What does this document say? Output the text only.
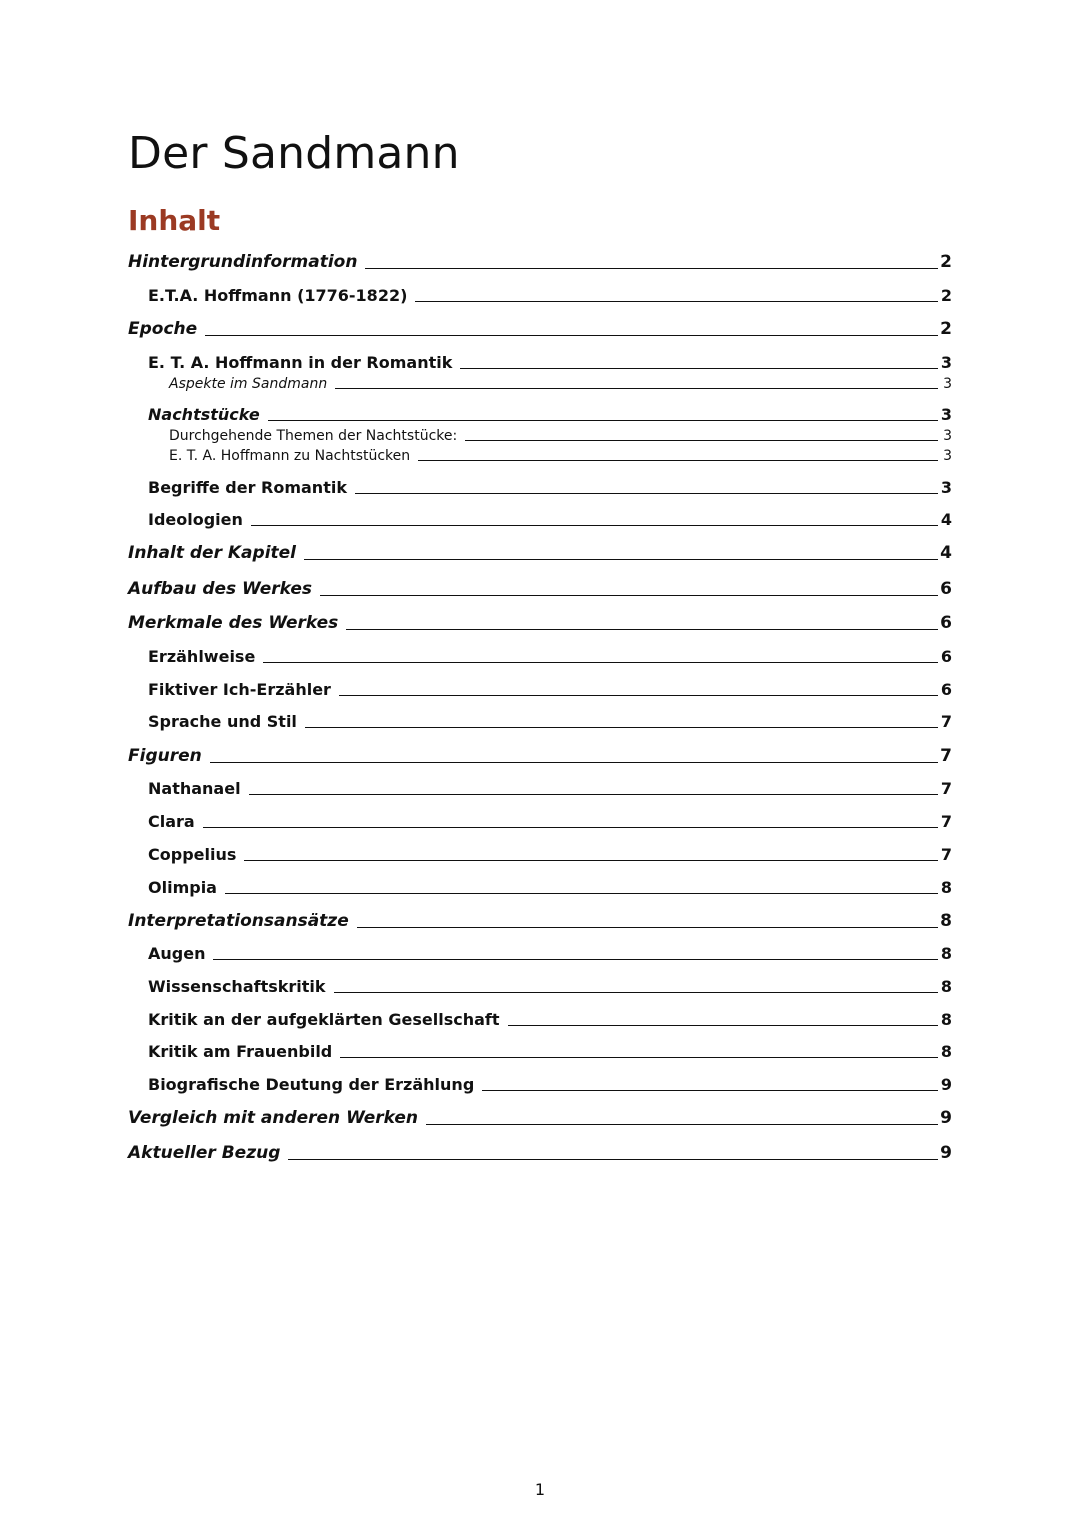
Der Sandmann
Inhalt
Hintergrundinformation	2
E.T.A. Hoffmann (1776-1822)	2
Epoche	2
E. T. A. Hoffmann in der Romantik	3
Aspekte im Sandmann	3
Nachtstücke	3
Durchgehende Themen der Nachtstücke:	3
E. T. A. Hoffmann zu Nachtstücken	3
Begriffe der Romantik	3
Ideologien	4
Inhalt der Kapitel	4
Aufbau des Werkes	6
Merkmale des Werkes	6
Erzählweise	6
Fiktiver Ich-Erzähler	6
Sprache und Stil	7
Figuren	7
Nathanael	7
Clara	7
Coppelius	7
Olimpia	8
Interpretationsansätze	8
Augen	8
Wissenschaftskritik	8
Kritik an der aufgeklärten Gesellschaft	8
Kritik am Frauenbild	8
Biografische Deutung der Erzählung	9
Vergleich mit anderen Werken	9
Aktueller Bezug	9
1
